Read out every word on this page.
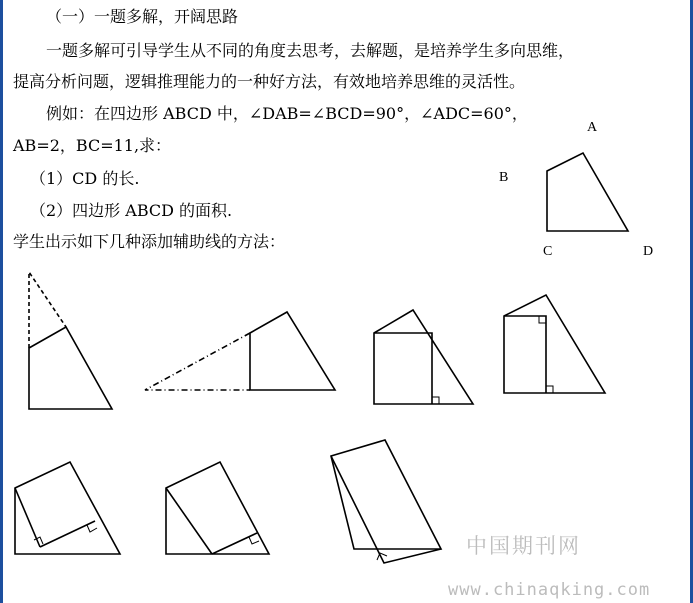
（一）一题多解，开阔思路
一题多解可引导学生从不同的角度去思考，去解题，是培养学生多向思维，
提高分析问题，逻辑推理能力的一种好方法，有效地培养思维的灵活性。
例如：在四边形 ABCD 中，∠DAB=∠BCD=90°，∠ADC=60°，
AB=2，BC=11,求：
（1）CD 的长.
（2）四边形 ABCD 的面积.
学生出示如下几种添加辅助线的方法：
A
B
C	D
中国期刊网
www.chinaqking.com
